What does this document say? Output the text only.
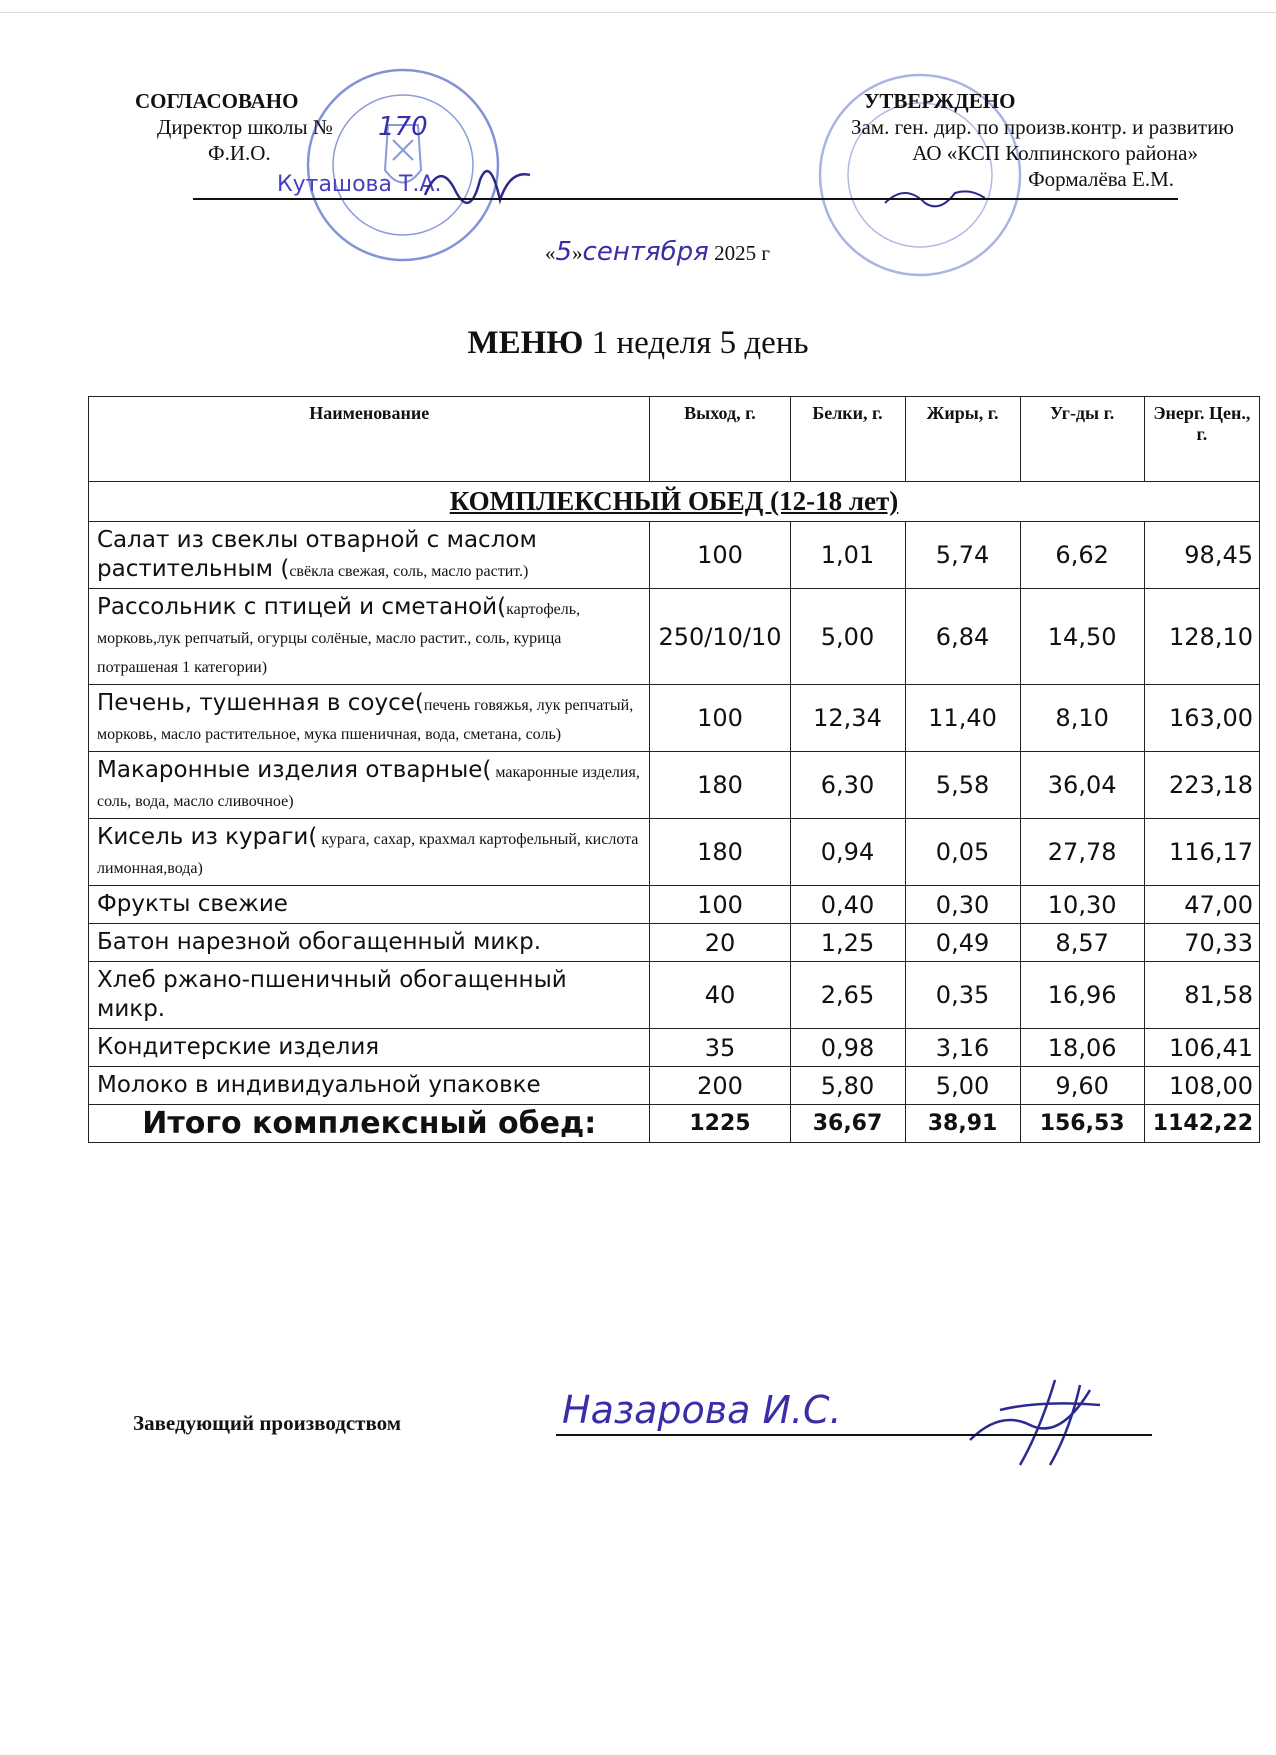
СОГЛАСОВАНО
Директор школы №
Ф.И.О.
170
Куташова Т.А.
УТВЕРЖДЕНО
Зам. ген. дир. по произв.контр. и развитию
АО «КСП Колпинского района»
Формалёва Е.М.
«5»сентября 2025 г
МЕНЮ 1 неделя 5 день
Наименование	Выход, г.	Белки, г.	Жиры, г.	Уг-ды г.	Энерг. Цен., г.
КОМПЛЕКСНЫЙ ОБЕД (12-18 лет)					
Салат из свеклы отварной с маслом растительным (свёкла свежая, соль, масло растит.)	100	1,01	5,74	6,62	98,45
Рассольник с птицей и сметаной(картофель, морковь,лук репчатый, огурцы солёные, масло растит., соль, курица потрашеная 1 категории)	250/10/10	5,00	6,84	14,50	128,10
Печень, тушенная в соусе(печень говяжья, лук репчатый, морковь, масло растительное, мука пшеничная, вода, сметана, соль)	100	12,34	11,40	8,10	163,00
Макаронные изделия отварные( макаронные изделия, соль, вода, масло сливочное)	180	6,30	5,58	36,04	223,18
Кисель из кураги( курага, сахар, крахмал картофельный, кислота лимонная,вода)	180	0,94	0,05	27,78	116,17
Фрукты свежие	100	0,40	0,30	10,30	47,00
Батон нарезной обогащенный микр.	20	1,25	0,49	8,57	70,33
Хлеб ржано-пшеничный обогащенный микр.	40	2,65	0,35	16,96	81,58
Кондитерские изделия	35	0,98	3,16	18,06	106,41
Молоко в индивидуальной упаковке	200	5,80	5,00	9,60	108,00
Итого комплексный обед:	1225	36,67	38,91	156,53	1142,22
Заведующий производством	Назарова И.С.
